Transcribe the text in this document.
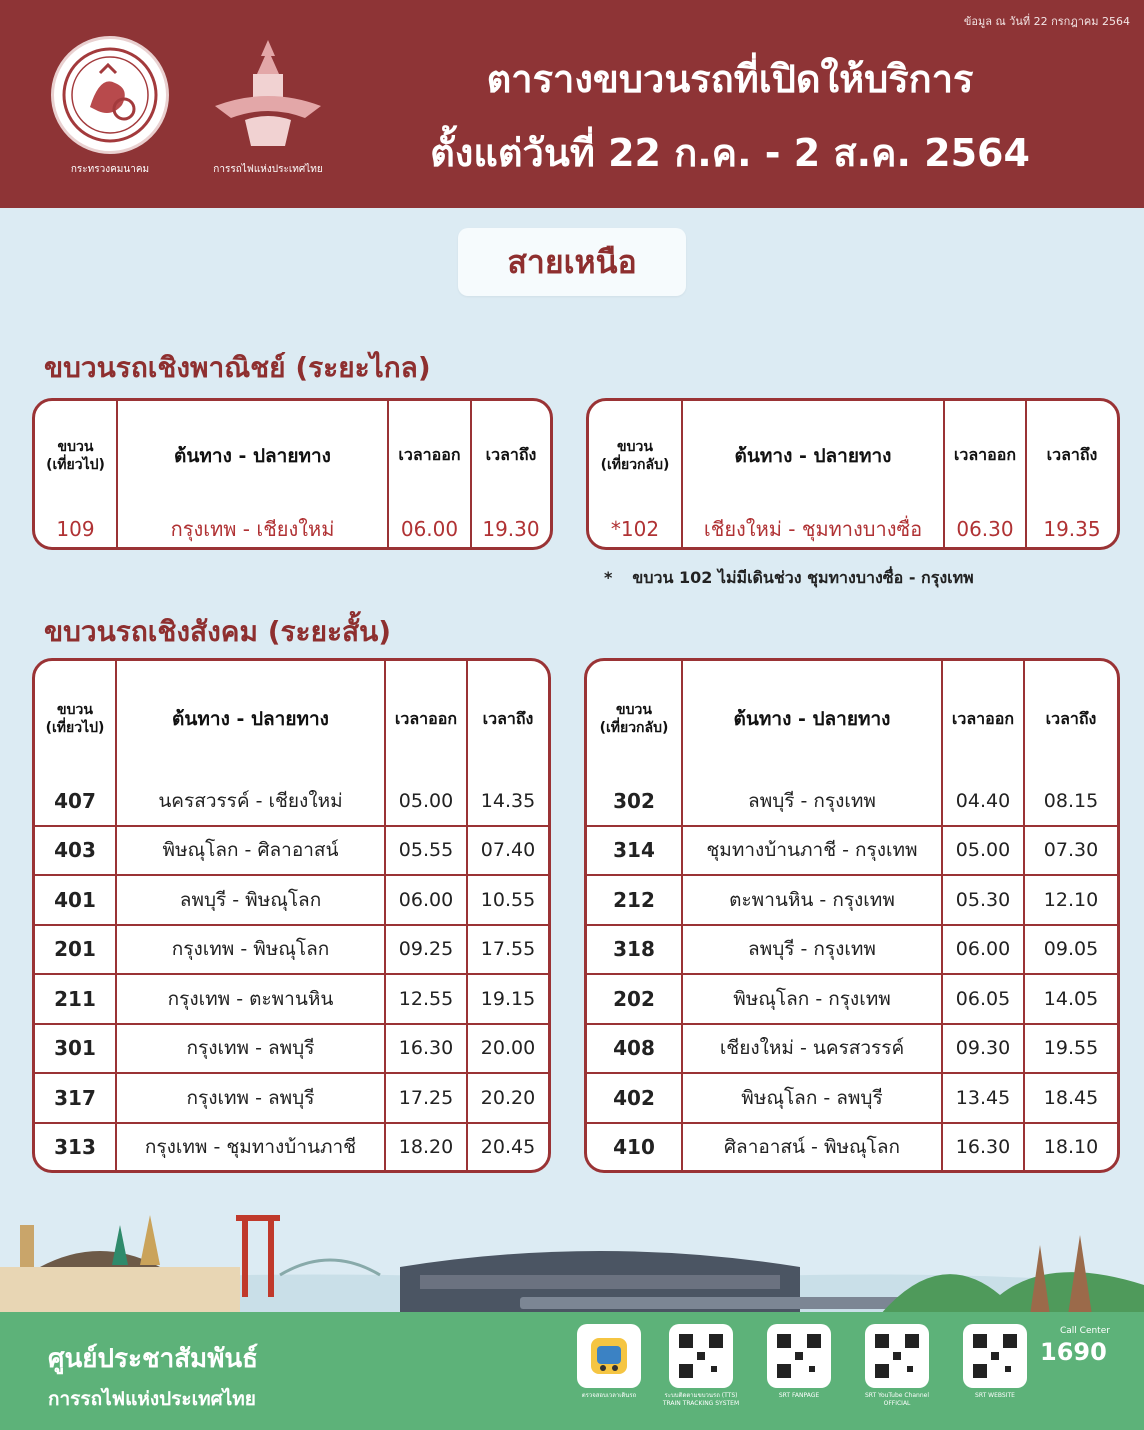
ข้อมูล ณ วันที่ 22 กรกฎาคม 2564
กระทรวงคมนาคม	การรถไฟแห่งประเทศไทย
ตารางขบวนรถที่เปิดให้บริการ
ตั้งแต่วันที่ 22 ก.ค. - 2 ส.ค. 2564
สายเหนือ
ขบวนรถเชิงพาณิชย์ (ระยะไกล)
ขบวน
(เที่ยวไป)	ต้นทาง - ปลายทาง	เวลาออก	เวลาถึง
109	กรุงเทพ - เชียงใหม่	06.00	19.30
ขบวน
(เที่ยวกลับ)	ต้นทาง - ปลายทาง	เวลาออก	เวลาถึง
*102	เชียงใหม่ - ชุมทางบางซื่อ	06.30	19.35
* ขบวน 102 ไม่มีเดินช่วง ชุมทางบางซื่อ - กรุงเทพ
ขบวนรถเชิงสังคม (ระยะสั้น)
ขบวน
(เที่ยวไป)	ต้นทาง - ปลายทาง	เวลาออก	เวลาถึง
407	นครสวรรค์ - เชียงใหม่	05.00	14.35
403	พิษณุโลก - ศิลาอาสน์	05.55	07.40
401	ลพบุรี - พิษณุโลก	06.00	10.55
201	กรุงเทพ - พิษณุโลก	09.25	17.55
211	กรุงเทพ - ตะพานหิน	12.55	19.15
301	กรุงเทพ - ลพบุรี	16.30	20.00
317	กรุงเทพ - ลพบุรี	17.25	20.20
313	กรุงเทพ - ชุมทางบ้านภาชี	18.20	20.45
ขบวน
(เที่ยวกลับ)	ต้นทาง - ปลายทาง	เวลาออก	เวลาถึง
302	ลพบุรี - กรุงเทพ	04.40	08.15
314	ชุมทางบ้านภาชี - กรุงเทพ	05.00	07.30
212	ตะพานหิน - กรุงเทพ	05.30	12.10
318	ลพบุรี - กรุงเทพ	06.00	09.05
202	พิษณุโลก - กรุงเทพ	06.05	14.05
408	เชียงใหม่ - นครสวรรค์	09.30	19.55
402	พิษณุโลก - ลพบุรี	13.45	18.45
410	ศิลาอาสน์ - พิษณุโลก	16.30	18.10
ศูนย์ประชาสัมพันธ์
การรถไฟแห่งประเทศไทย	ตรวจสอบเวลาเดินรถ	ระบบติดตามขบวนรถ (TTS) TRAIN TRACKING SYSTEM
SRT FANPAGE	SRT YouTube Channel OFFICIAL
SRT WEBSITE
Call Center
1690
